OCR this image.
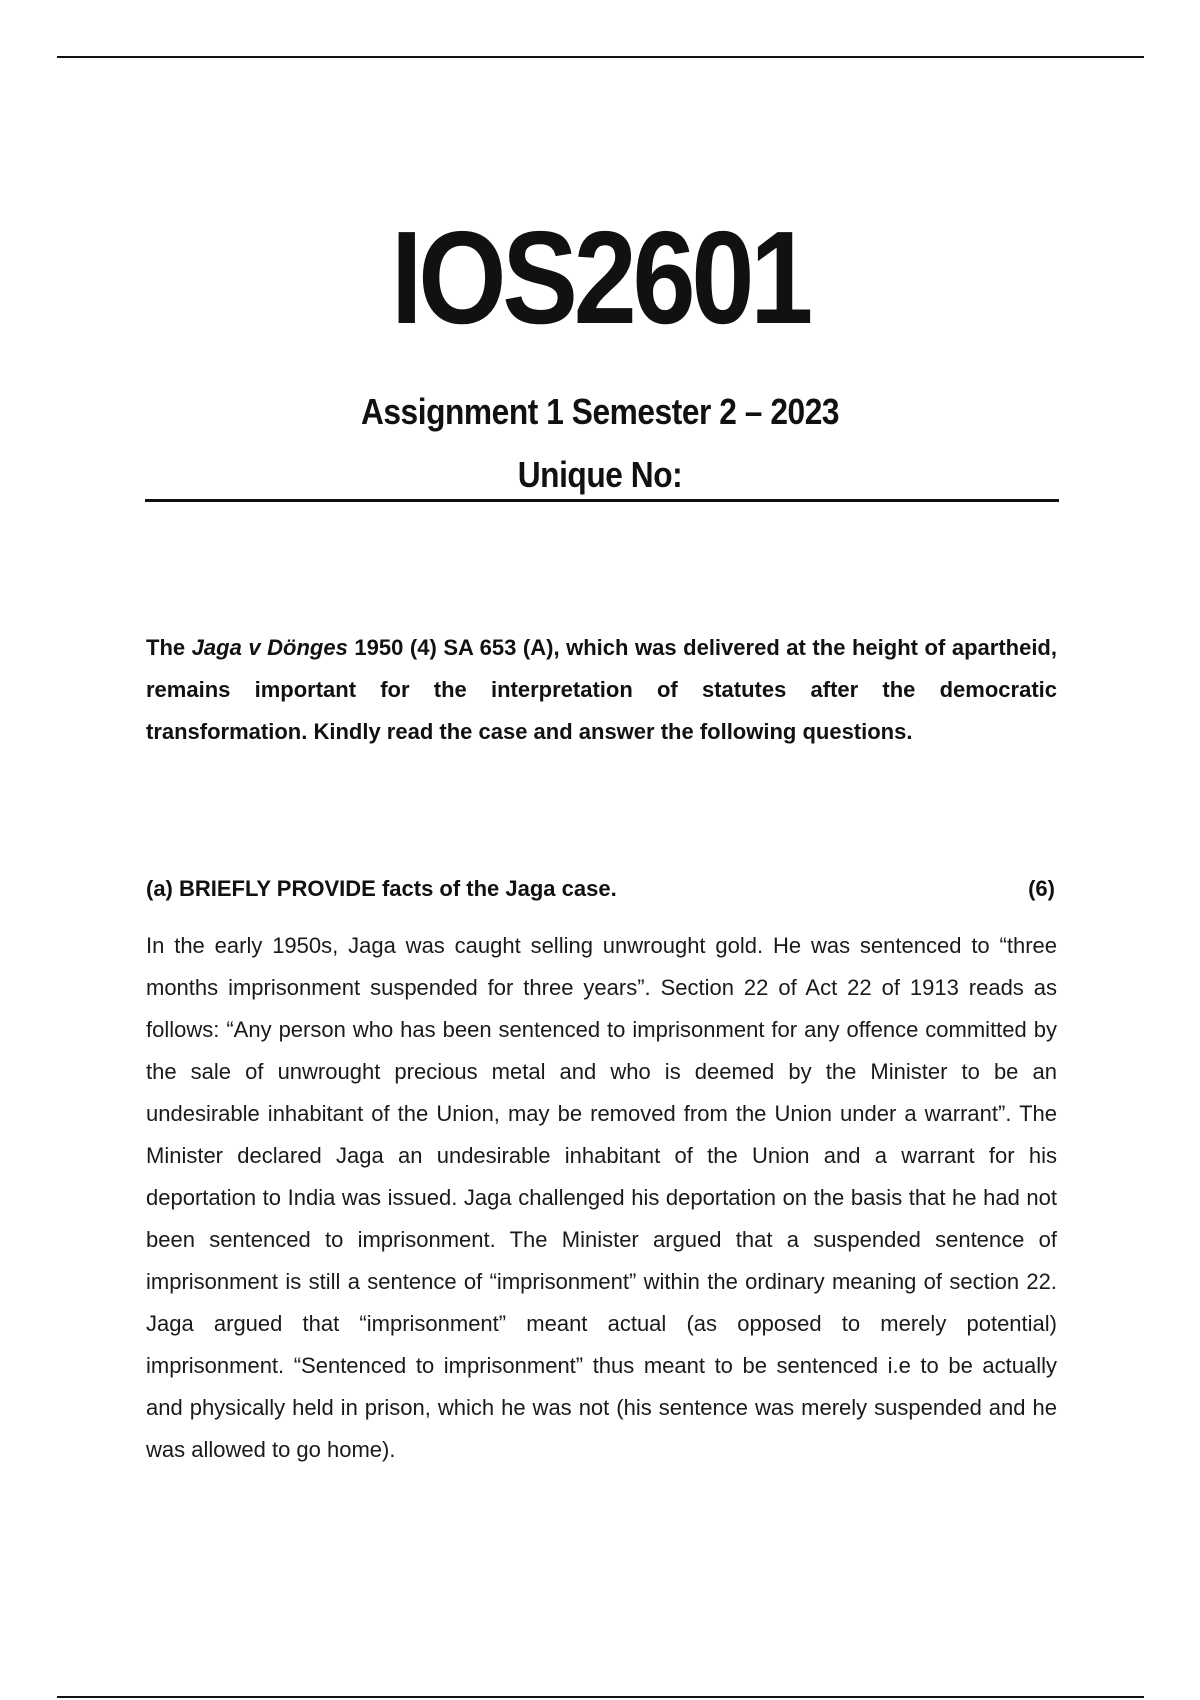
IOS2601
Assignment 1 Semester 2 – 2023
Unique No:

The Jaga v Dönges 1950 (4) SA 653 (A), which was delivered at the height of apartheid, remains important for the interpretation of statutes after the democratic transformation. Kindly read the case and answer the following questions.

(a) BRIEFLY PROVIDE facts of the Jaga case.	(6)

In the early 1950s, Jaga was caught selling unwrought gold. He was sentenced to “three months imprisonment suspended for three years”. Section 22 of Act 22 of 1913 reads as follows: “Any person who has been sentenced to imprisonment for any offence committed by the sale of unwrought precious metal and who is deemed by the Minister to be an undesirable inhabitant of the Union, may be removed from the Union under a warrant”. The Minister declared Jaga an undesirable inhabitant of the Union and a warrant for his deportation to India was issued. Jaga challenged his deportation on the basis that he had not been sentenced to imprisonment. The Minister argued that a suspended sentence of imprisonment is still a sentence of “imprisonment” within the ordinary meaning of section 22. Jaga argued that “imprisonment” meant actual (as opposed to merely potential) imprisonment. “Sentenced to imprisonment” thus meant to be sentenced i.e to be actually and physically held in prison, which he was not (his sentence was merely suspended and he was allowed to go home).
